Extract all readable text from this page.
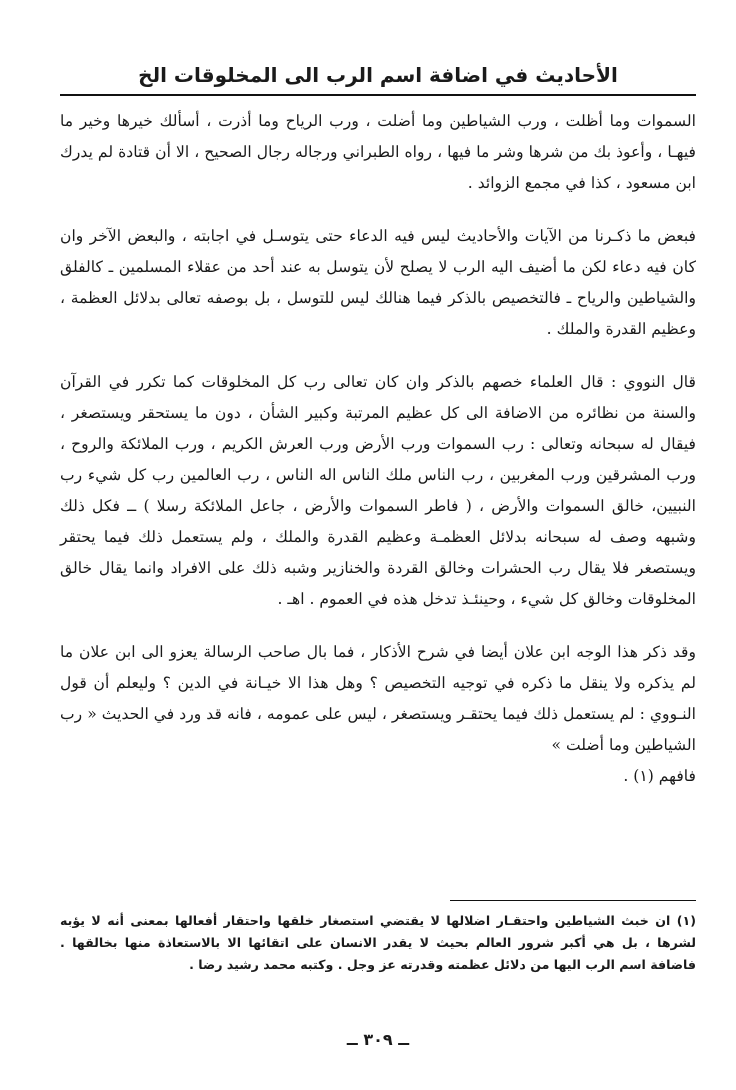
الأحاديث في اضافة اسم الرب الى المخلوقات الخ

السموات وما أظلت ، ورب الشياطين وما أضلت ، ورب الرياح وما أذرت ، أسألك خيرها وخير ما فيهـا ، وأعوذ بك من شرها وشر ما فيها ، رواه الطبراني ورجاله رجال الصحيح ، الا أن قتادة لم يدرك ابن مسعود ، كذا في مجمع الزوائد .

فبعض ما ذكـرنا من الآيات والأحاديث ليس فيه الدعاء حتى يتوسـل في اجابته ، والبعض الآخر وان كان فيه دعاء لكن ما أضيف اليه الرب لا يصلح لأن يتوسل به عند أحد من عقلاء المسلمين ـ كالفلق والشياطين والرياح ـ فالتخصيص بالذكر فيما هنالك ليس للتوسل ، بل بوصفه تعالى بدلائل العظمة ، وعظيم القدرة والملك .

قال النووي : قال العلماء خصهم بالذكر وان كان تعالى رب كل المخلوقات كما تكرر في القرآن والسنة من نظائره من الاضافة الى كل عظيم المرتبة وكبير الشأن ، دون ما يستحقر ويستصغر ، فيقال له سبحانه وتعالى : رب السموات ورب الأرض ورب العرش الكريم ، ورب الملائكة والروح ، ورب المشرقين ورب المغربين ، رب الناس ملك الناس اله الناس ، رب العالمين رب كل شيء رب النبيين، خالق السموات والأرض ، ( فاطر السموات والأرض ، جاعل الملائكة رسلا ) ــ فكل ذلك وشبهه وصف له سبحانه بدلائل العظمـة وعظيم القدرة والملك ، ولم يستعمل ذلك فيما يحتقر ويستصغر فلا يقال رب الحشرات وخالق القردة والخنازير وشبه ذلك على الافراد وانما يقال خالق المخلوقات وخالق كل شيء ، وحينئـذ تدخل هذه في العموم . اهـ .

وقد ذكر هذا الوجه ابن علان أيضا في شرح الأذكار ، فما بال صاحب الرسالة يعزو الى ابن علان ما لم يذكره ولا ينقل ما ذكره في توجيه التخصيص ؟ وهل هذا الا خيـانة في الدين ؟ وليعلم أن قول النـووي : لم يستعمل ذلك فيما يحتقـر ويستصغر ، ليس على عمومه ، فانه قد ورد في الحديث « رب الشياطين وما أضلت »

فافهم (١) .

(١) ان خبث الشياطين واحتقـار اضلالها لا يقتضي استصغار خلقها واحتقار أفعالها بمعنى أنه لا يؤبه لشرها ، بل هي أكبر شرور العالم بحيث لا يقدر الانسان على اتقائها الا بالاستعاذة منها بخالقها . فاضافة اسم الرب اليها من دلائل عظمته وقدرته عز وجل . وكتبه محمد رشيد رضا .

ــ ٣٠٩ ــ
